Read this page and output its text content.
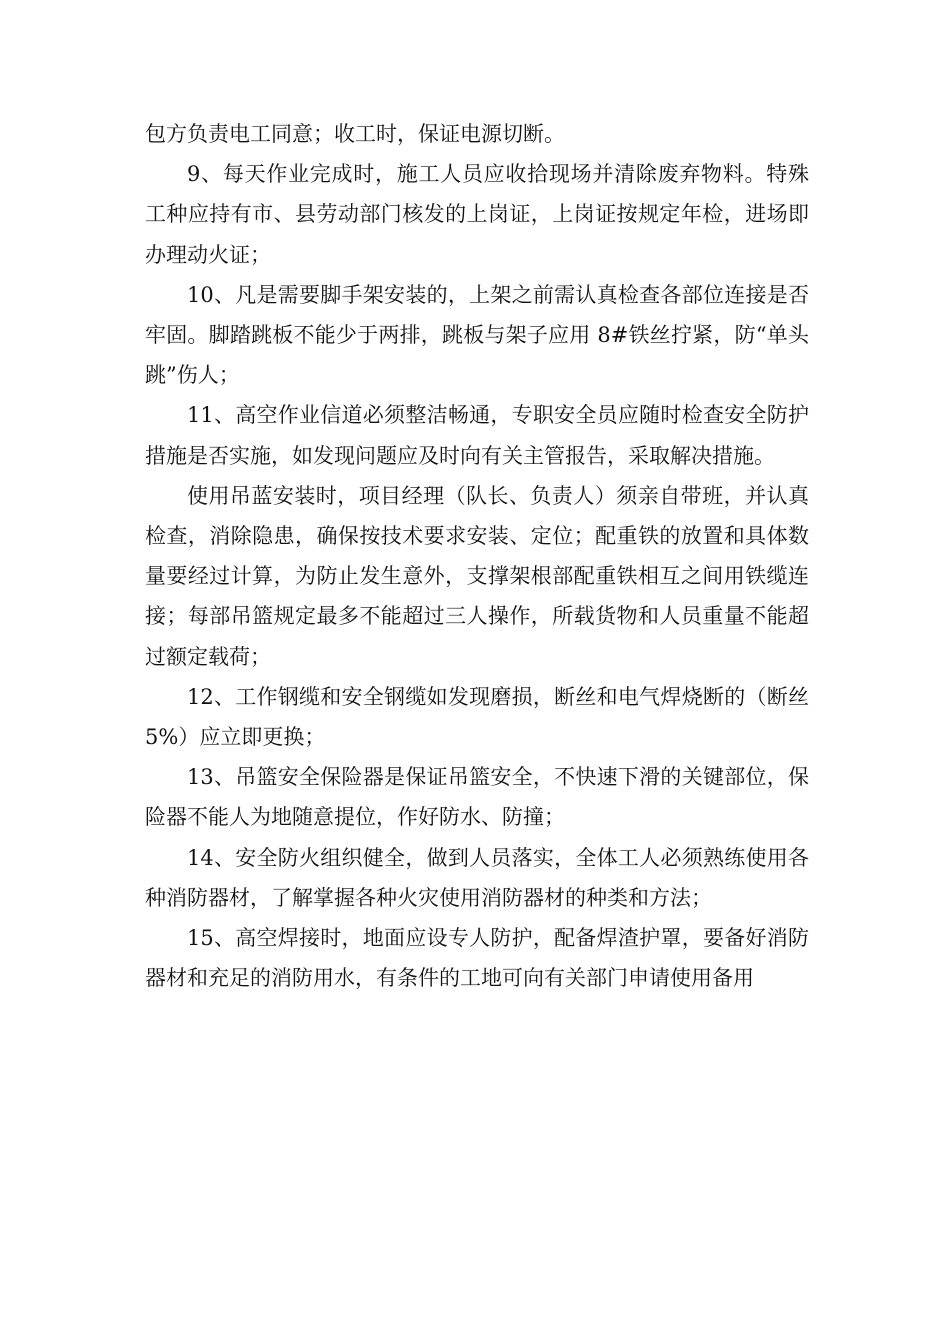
包方负责电工同意；收工时，保证电源切断。

9、每天作业完成时，施工人员应收拾现场并清除废弃物料。特殊工种应持有市、县劳动部门核发的上岗证，上岗证按规定年检，进场即办理动火证；

10、凡是需要脚手架安装的，上架之前需认真检查各部位连接是否牢固。脚踏跳板不能少于两排，跳板与架子应用 8#铁丝拧紧，防“单头跳”伤人；

11、高空作业信道必须整洁畅通，专职安全员应随时检查安全防护措施是否实施，如发现问题应及时向有关主管报告，采取解决措施。

使用吊蓝安装时，项目经理（队长、负责人）须亲自带班，并认真检查，消除隐患，确保按技术要求安装、定位；配重铁的放置和具体数量要经过计算，为防止发生意外，支撑架根部配重铁相互之间用铁缆连接；每部吊篮规定最多不能超过三人操作，所载货物和人员重量不能超过额定载荷；

12、工作钢缆和安全钢缆如发现磨损，断丝和电气焊烧断的（断丝 5%）应立即更换；

13、吊篮安全保险器是保证吊篮安全，不快速下滑的关键部位，保险器不能人为地随意提位，作好防水、防撞；

14、安全防火组织健全，做到人员落实，全体工人必须熟练使用各种消防器材，了解掌握各种火灾使用消防器材的种类和方法；

15、高空焊接时，地面应设专人防护，配备焊渣护罩，要备好消防器材和充足的消防用水，有条件的工地可向有关部门申请使用备用
